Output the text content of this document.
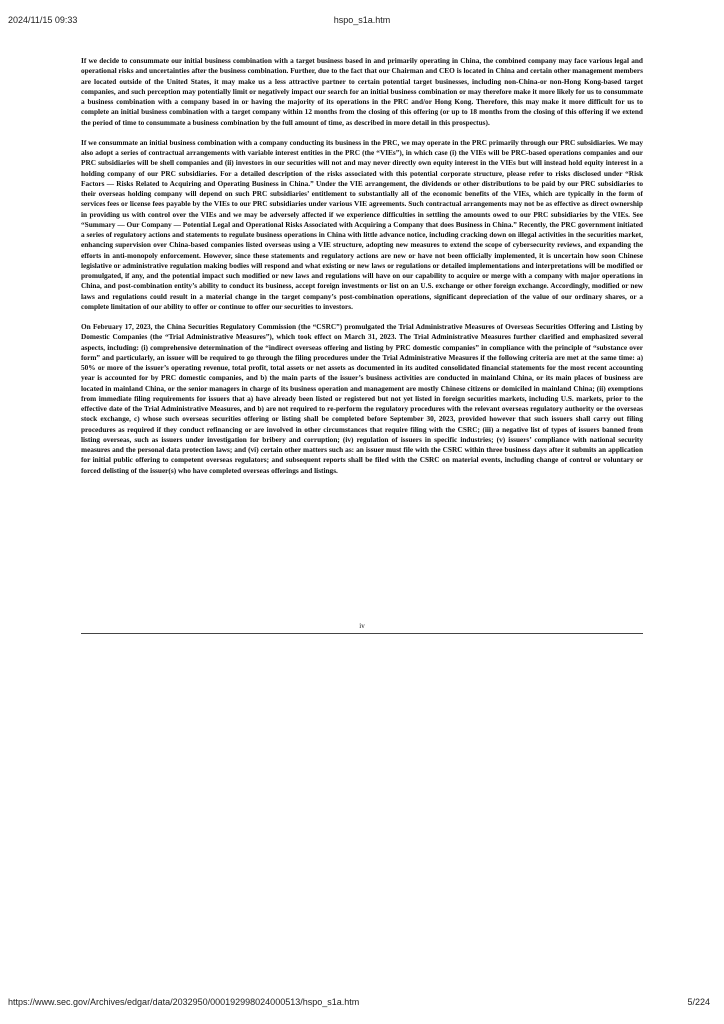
2024/11/15 09:33	hspo_s1a.htm

If we decide to consummate our initial business combination with a target business based in and primarily operating in China, the combined company may face various legal and operational risks and uncertainties after the business combination. Further, due to the fact that our Chairman and CEO is located in China and certain other management members are located outside of the United States, it may make us a less attractive partner to certain potential target businesses, including non-China-or non-Hong Kong-based target companies, and such perception may potentially limit or negatively impact our search for an initial business combination or may therefore make it more likely for us to consummate a business combination with a company based in or having the majority of its operations in the PRC and/or Hong Kong. Therefore, this may make it more difficult for us to complete an initial business combination with a target company within 12 months from the closing of this offering (or up to 18 months from the closing of this offering if we extend the period of time to consummate a business combination by the full amount of time, as described in more detail in this prospectus).

If we consummate an initial business combination with a company conducting its business in the PRC, we may operate in the PRC primarily through our PRC subsidiaries. We may also adopt a series of contractual arrangements with variable interest entities in the PRC (the “VIEs”), in which case (i) the VIEs will be PRC-based operations companies and our PRC subsidiaries will be shell companies and (ii) investors in our securities will not and may never directly own equity interest in the VIEs but will instead hold equity interest in a holding company of our PRC subsidiaries. For a detailed description of the risks associated with this potential corporate structure, please refer to risks disclosed under “Risk Factors — Risks Related to Acquiring and Operating Business in China.” Under the VIE arrangement, the dividends or other distributions to be paid by our PRC subsidiaries to their overseas holding company will depend on such PRC subsidiaries’ entitlement to substantially all of the economic benefits of the VIEs, which are typically in the form of services fees or license fees payable by the VIEs to our PRC subsidiaries under various VIE agreements. Such contractual arrangements may not be as effective as direct ownership in providing us with control over the VIEs and we may be adversely affected if we experience difficulties in settling the amounts owed to our PRC subsidiaries by the VIEs. See “Summary — Our Company — Potential Legal and Operational Risks Associated with Acquiring a Company that does Business in China.” Recently, the PRC government initiated a series of regulatory actions and statements to regulate business operations in China with little advance notice, including cracking down on illegal activities in the securities market, enhancing supervision over China-based companies listed overseas using a VIE structure, adopting new measures to extend the scope of cybersecurity reviews, and expanding the efforts in anti-monopoly enforcement. However, since these statements and regulatory actions are new or have not been officially implemented, it is uncertain how soon Chinese legislative or administrative regulation making bodies will respond and what existing or new laws or regulations or detailed implementations and interpretations will be modified or promulgated, if any, and the potential impact such modified or new laws and regulations will have on our capability to acquire or merge with a company with major operations in China, and post-combination entity’s ability to conduct its business, accept foreign investments or list on an U.S. exchange or other foreign exchange. Accordingly, modified or new laws and regulations could result in a material change in the target company’s post-combination operations, significant depreciation of the value of our ordinary shares, or a complete limitation of our ability to offer or continue to offer our securities to investors.

On February 17, 2023, the China Securities Regulatory Commission (the “CSRC”) promulgated the Trial Administrative Measures of Overseas Securities Offering and Listing by Domestic Companies (the “Trial Administrative Measures”), which took effect on March 31, 2023. The Trial Administrative Measures further clarified and emphasized several aspects, including: (i) comprehensive determination of the “indirect overseas offering and listing by PRC domestic companies” in compliance with the principle of “substance over form” and particularly, an issuer will be required to go through the filing procedures under the Trial Administrative Measures if the following criteria are met at the same time: a) 50% or more of the issuer’s operating revenue, total profit, total assets or net assets as documented in its audited consolidated financial statements for the most recent accounting year is accounted for by PRC domestic companies, and b) the main parts of the issuer’s business activities are conducted in mainland China, or its main places of business are located in mainland China, or the senior managers in charge of its business operation and management are mostly Chinese citizens or domiciled in mainland China; (ii) exemptions from immediate filing requirements for issuers that a) have already been listed or registered but not yet listed in foreign securities markets, including U.S. markets, prior to the effective date of the Trial Administrative Measures, and b) are not required to re-perform the regulatory procedures with the relevant overseas regulatory authority or the overseas stock exchange, c) whose such overseas securities offering or listing shall be completed before September 30, 2023, provided however that such issuers shall carry out filing procedures as required if they conduct refinancing or are involved in other circumstances that require filing with the CSRC; (iii) a negative list of types of issuers banned from listing overseas, such as issuers under investigation for bribery and corruption; (iv) regulation of issuers in specific industries; (v) issuers’ compliance with national security measures and the personal data protection laws; and (vi) certain other matters such as: an issuer must file with the CSRC within three business days after it submits an application for initial public offering to competent overseas regulators; and subsequent reports shall be filed with the CSRC on material events, including change of control or voluntary or forced delisting of the issuer(s) who have completed overseas offerings and listings.

iv
https://www.sec.gov/Archives/edgar/data/2032950/000192998024000513/hspo_s1a.htm	5/224
